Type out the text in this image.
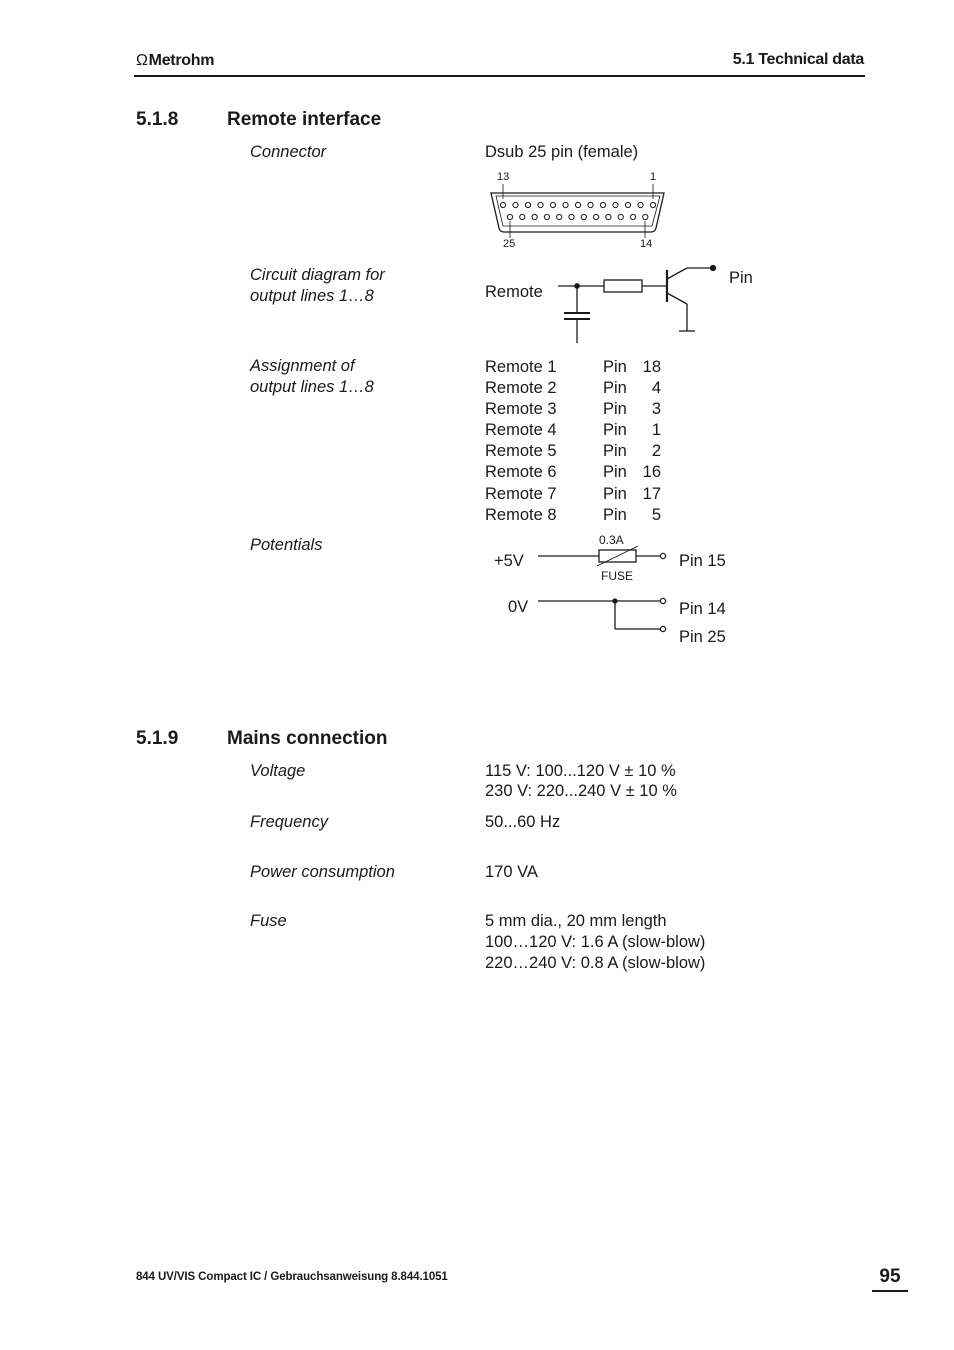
Ω Metrohm	5.1 Technical data
5.1.8	Remote interface
Connector	Dsub 25 pin (female)
13	1
25	14
Circuit diagram for
output lines 1…8	Remote
Pin
Assignment of
output lines 1…8
Remote 1	Pin 18
Remote 2	Pin	4
Remote 3	Pin	3
Remote 4	Pin	1
Remote 5	Pin	2
Remote 6	Pin 16
Remote 7	Pin 17
Remote 8	Pin	5
Potentials
+5V
0.3A
FUSE
Pin 15
0V	Pin 14
Pin 25
5.1.9	Mains connection
Voltage	115 V: 100...120 V ± 10 %
230 V: 220...240 V ± 10 %
Frequency	50...60 Hz
Power consumption	170 VA
Fuse	5 mm dia., 20 mm length
100…120 V: 1.6 A (slow-blow)
220…240 V: 0.8 A (slow-blow)
844 UV/VIS Compact IC / Gebrauchsanweisung 8.844.1051	95
